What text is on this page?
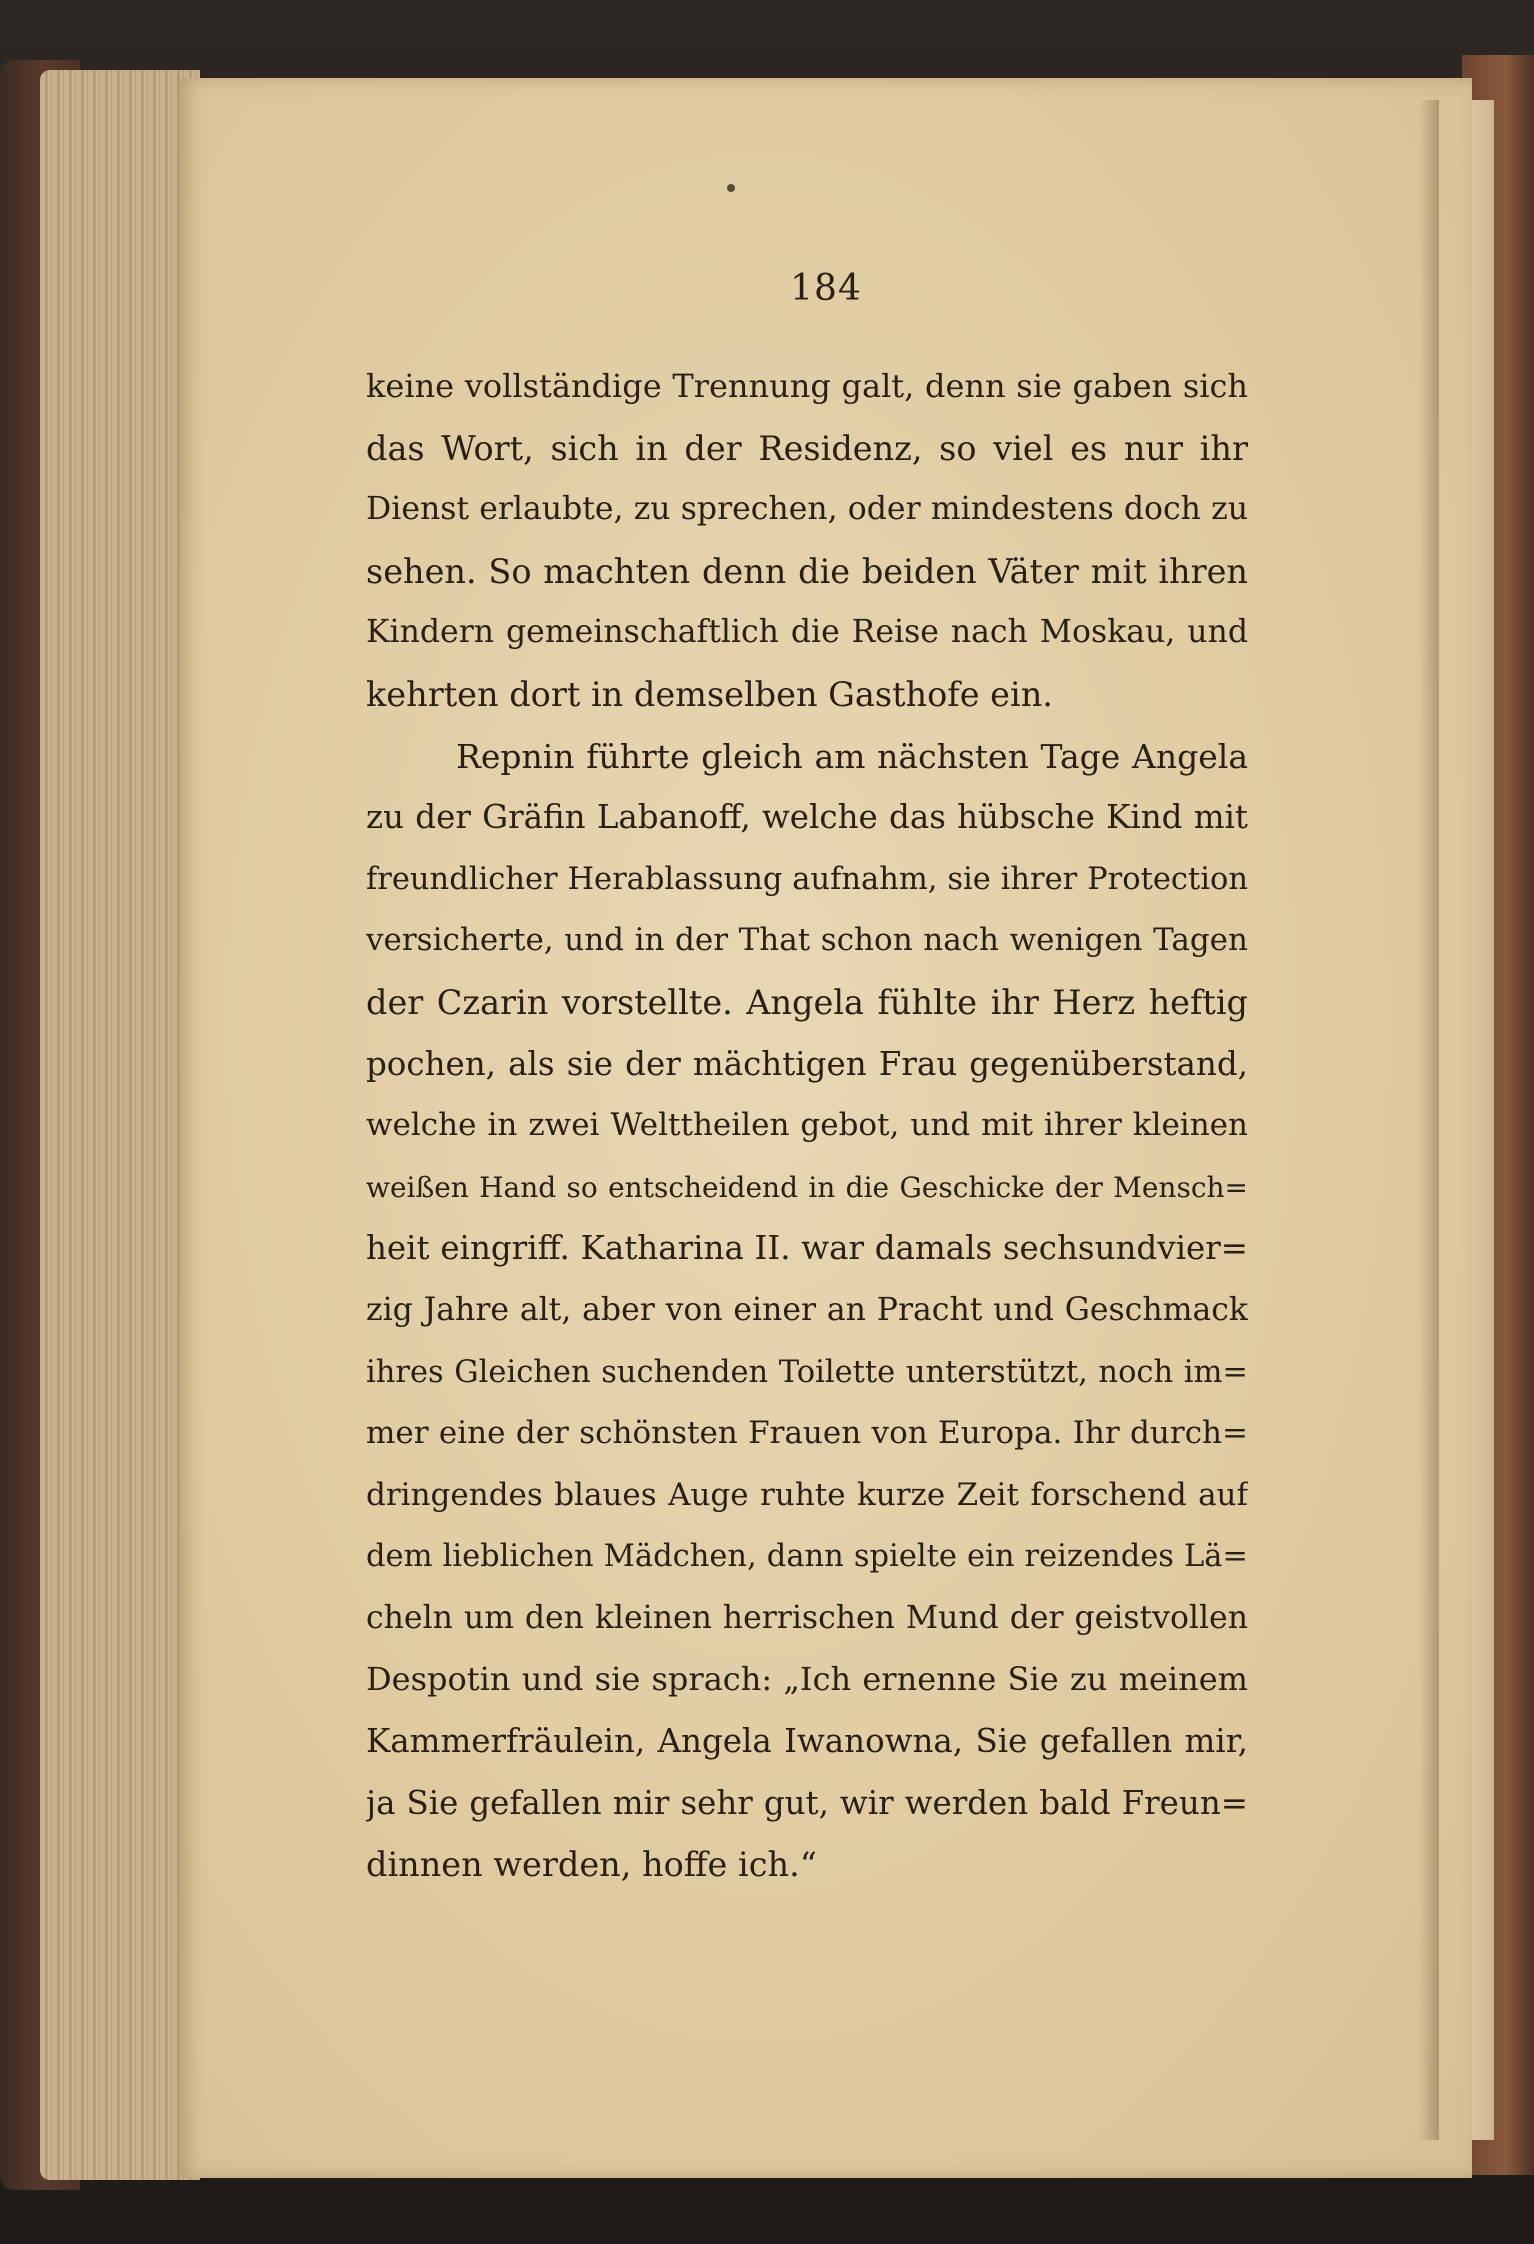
184
keine vollständige Trennung galt, denn sie gaben sich
das Wort, sich in der Residenz, so viel es nur ihr
Dienst erlaubte, zu sprechen, oder mindestens doch zu
sehen. So machten denn die beiden Väter mit ihren
Kindern gemeinschaftlich die Reise nach Moskau, und
kehrten dort in demselben Gasthofe ein.
Repnin führte gleich am nächsten Tage Angela
zu der Gräfin Labanoff, welche das hübsche Kind mit
freundlicher Herablassung aufnahm, sie ihrer Protection
versicherte, und in der That schon nach wenigen Tagen
der Czarin vorstellte. Angela fühlte ihr Herz heftig
pochen, als sie der mächtigen Frau gegenüberstand,
welche in zwei Welttheilen gebot, und mit ihrer kleinen
weißen Hand so entscheidend in die Geschicke der Mensch=
heit eingriff. Katharina II. war damals sechsundvier=
zig Jahre alt, aber von einer an Pracht und Geschmack
ihres Gleichen suchenden Toilette unterstützt, noch im=
mer eine der schönsten Frauen von Europa. Ihr durch=
dringendes blaues Auge ruhte kurze Zeit forschend auf
dem lieblichen Mädchen, dann spielte ein reizendes Lä=
cheln um den kleinen herrischen Mund der geistvollen
Despotin und sie sprach: „Ich ernenne Sie zu meinem
Kammerfräulein, Angela Iwanowna, Sie gefallen mir,
ja Sie gefallen mir sehr gut, wir werden bald Freun=
dinnen werden, hoffe ich.“
